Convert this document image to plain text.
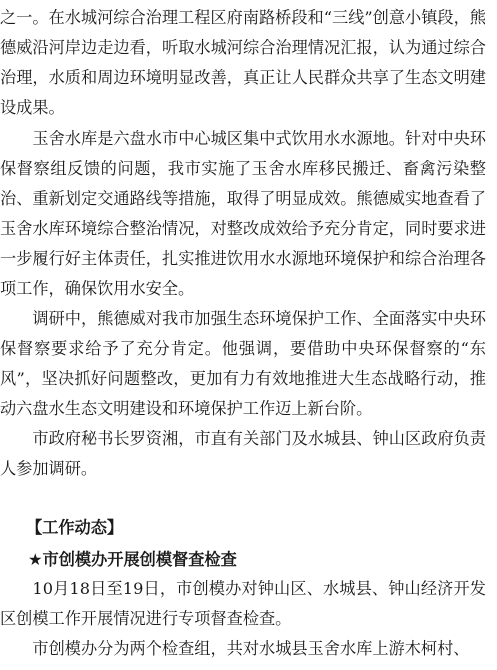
之一。在水城河综合治理工程区府南路桥段和“三线”创意小镇段，熊德威沿河岸边走边看，听取水城河综合治理情况汇报，认为通过综合治理，水质和周边环境明显改善，真正让人民群众共享了生态文明建设成果。

玉舍水库是六盘水市中心城区集中式饮用水水源地。针对中央环保督察组反馈的问题，我市实施了玉舍水库移民搬迁、畜禽污染整治、重新划定交通路线等措施，取得了明显成效。熊德威实地查看了玉舍水库环境综合整治情况，对整改成效给予充分肯定，同时要求进一步履行好主体责任，扎实推进饮用水水源地环境保护和综合治理各项工作，确保饮用水安全。

调研中，熊德威对我市加强生态环境保护工作、全面落实中央环保督察要求给予了充分肯定。他强调，要借助中央环保督察的“东风”，坚决抓好问题整改，更加有力有效地推进大生态战略行动，推动六盘水生态文明建设和环境保护工作迈上新台阶。

市政府秘书长罗资湘，市直有关部门及水城县、钟山区政府负责人参加调研。

【工作动态】
★市创模办开展创模督查检查

10月18日至19日，市创模办对钟山区、水城县、钟山经济开发区创模工作开展情况进行专项督查检查。

市创模办分为两个检查组，共对水城县玉舍水库上游木柯村、
